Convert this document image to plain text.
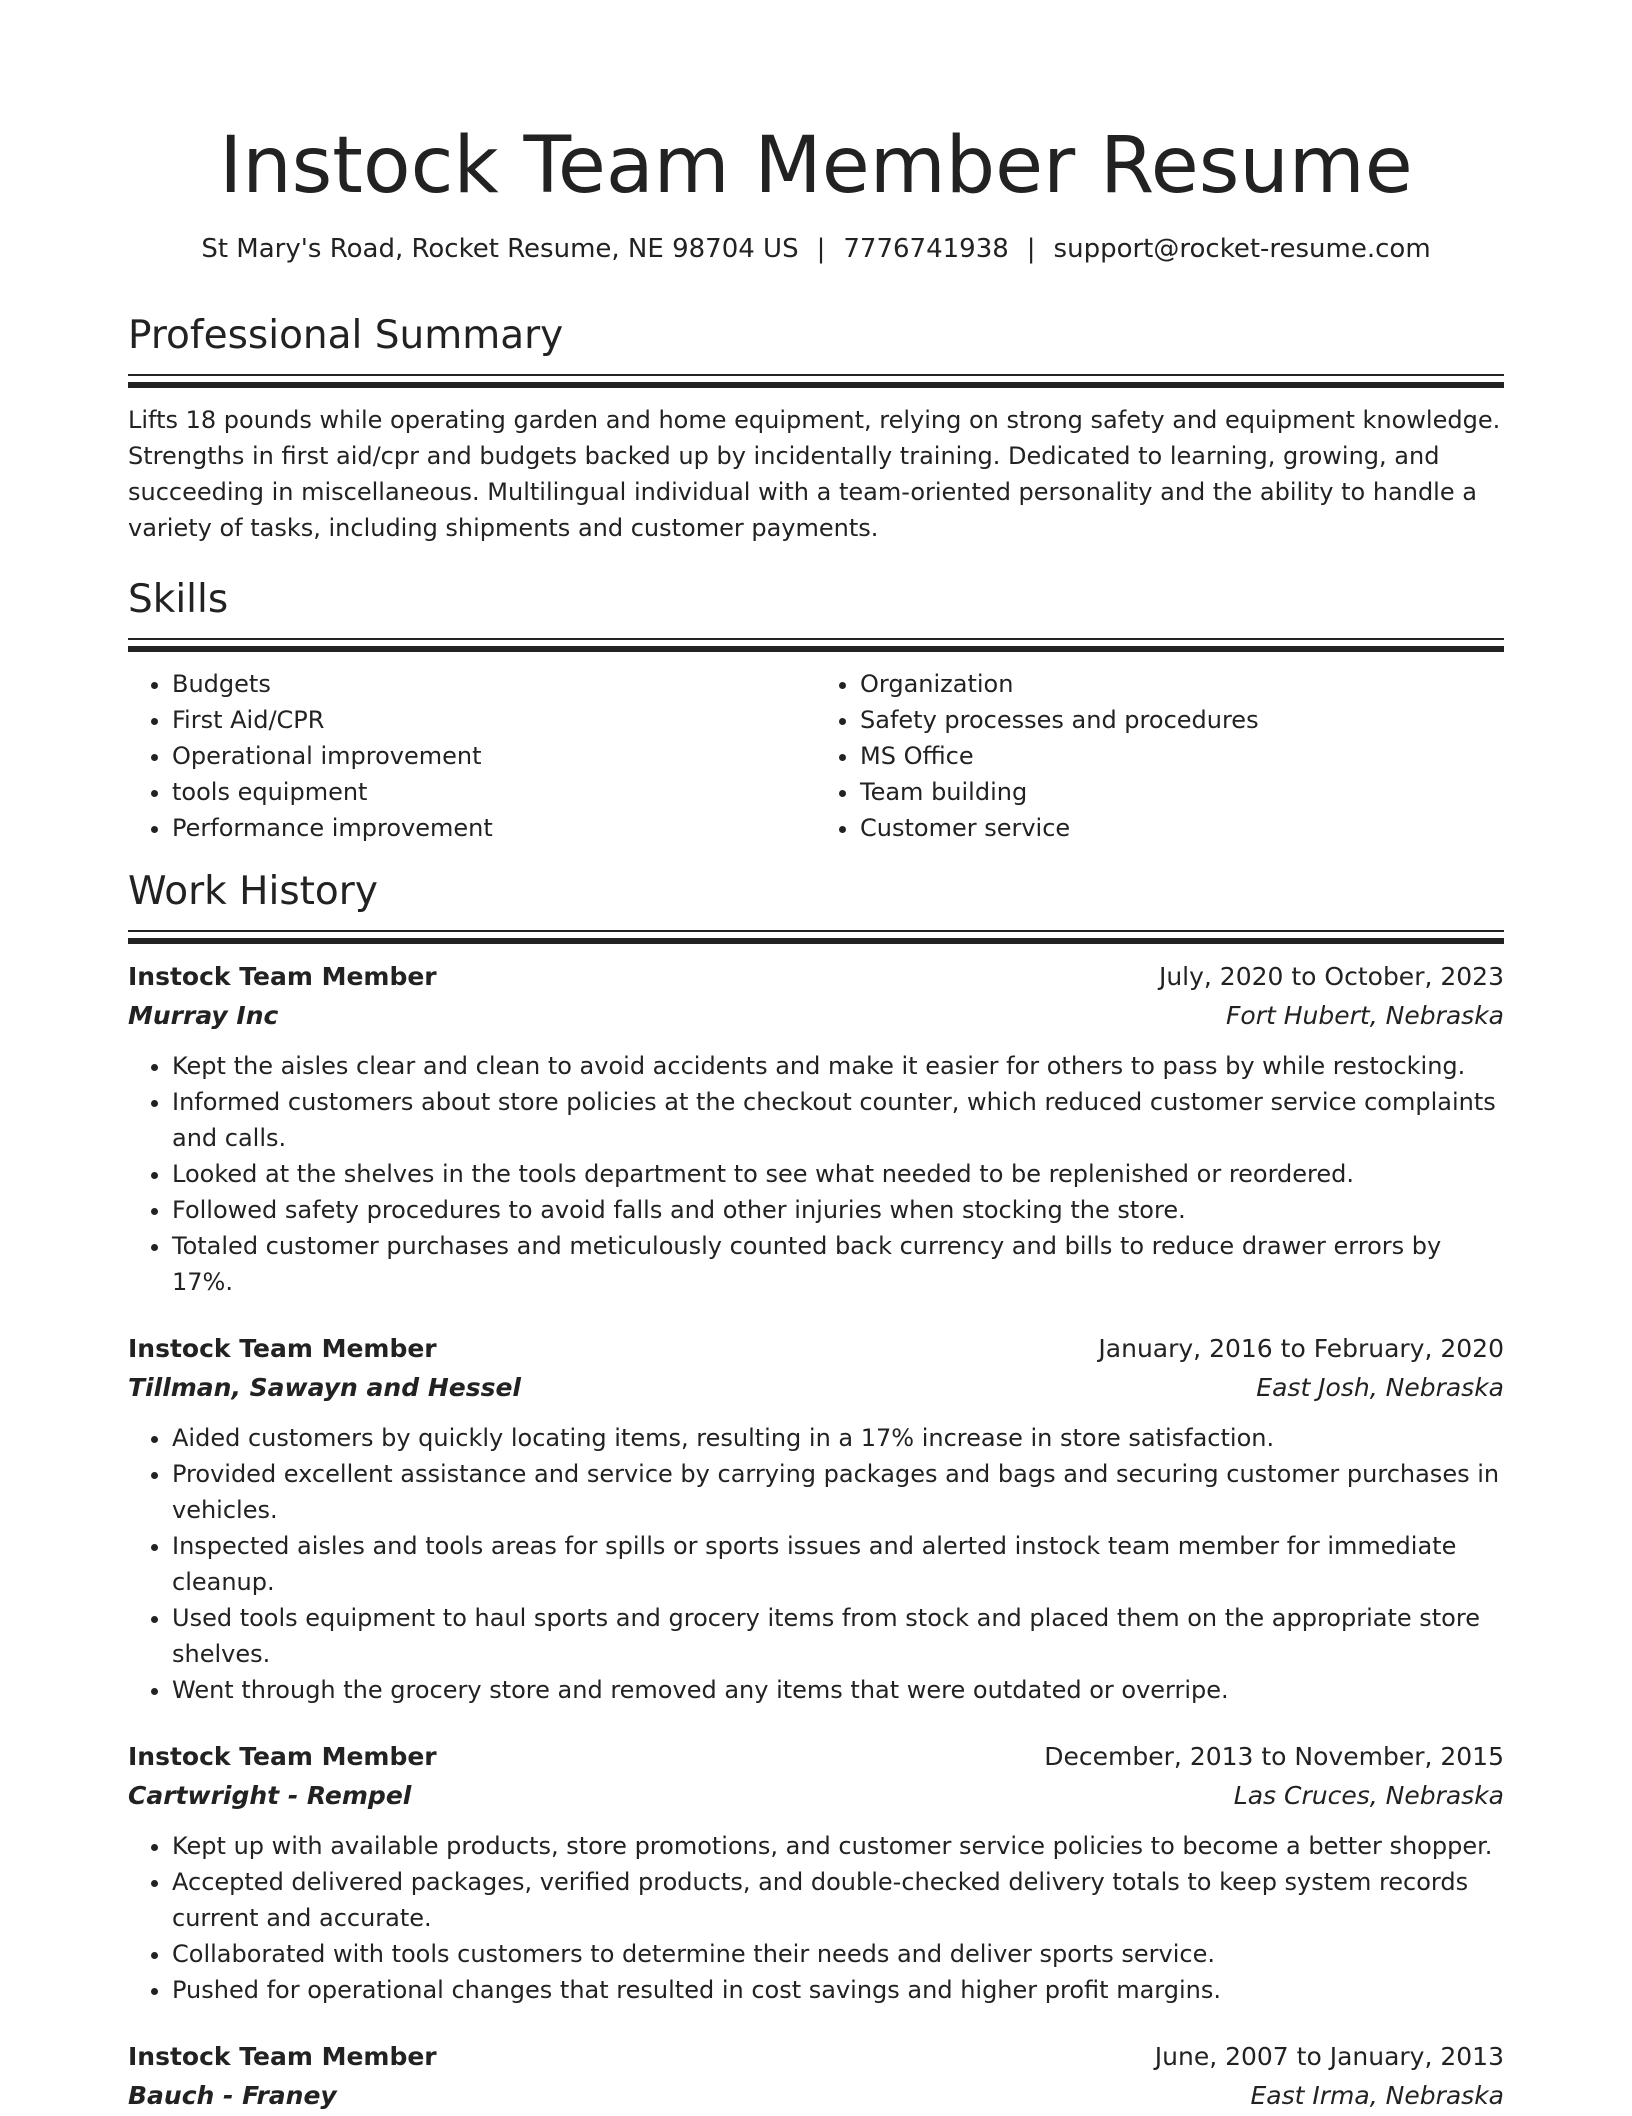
Instock Team Member Resume
St Mary's Road, Rocket Resume, NE 98704 US | 7776741938 | support@rocket-resume.com
Professional Summary

Lifts 18 pounds while operating garden and home equipment, relying on strong safety and equipment knowledge. Strengths in first aid/cpr and budgets backed up by incidentally training. Dedicated to learning, growing, and succeeding in miscellaneous. Multilingual individual with a team-oriented personality and the ability to handle a variety of tasks, including shipments and customer payments.

Skills
• Budgets
• First Aid/CPR
• Operational improvement
• tools equipment
• Performance improvement
• Organization
• Safety processes and procedures
• MS Office
• Team building
• Customer service
Work History
Instock Team Member	July, 2020 to October, 2023
Murray Inc	Fort Hubert, Nebraska
• Kept the aisles clear and clean to avoid accidents and make it easier for others to pass by while restocking.
• Informed customers about store policies at the checkout counter, which reduced customer service complaints and calls.
• Looked at the shelves in the tools department to see what needed to be replenished or reordered.
• Followed safety procedures to avoid falls and other injuries when stocking the store.
• Totaled customer purchases and meticulously counted back currency and bills to reduce drawer errors by 17%.
Instock Team Member	January, 2016 to February, 2020
Tillman, Sawayn and Hessel	East Josh, Nebraska
• Aided customers by quickly locating items, resulting in a 17% increase in store satisfaction.
• Provided excellent assistance and service by carrying packages and bags and securing customer purchases in vehicles.
• Inspected aisles and tools areas for spills or sports issues and alerted instock team member for immediate cleanup.
• Used tools equipment to haul sports and grocery items from stock and placed them on the appropriate store shelves.
• Went through the grocery store and removed any items that were outdated or overripe.
Instock Team Member	December, 2013 to November, 2015
Cartwright - Rempel	Las Cruces, Nebraska
• Kept up with available products, store promotions, and customer service policies to become a better shopper.
• Accepted delivered packages, verified products, and double-checked delivery totals to keep system records current and accurate.
• Collaborated with tools customers to determine their needs and deliver sports service.
• Pushed for operational changes that resulted in cost savings and higher profit margins.
Instock Team Member	June, 2007 to January, 2013
Bauch - Franey	East Irma, Nebraska
